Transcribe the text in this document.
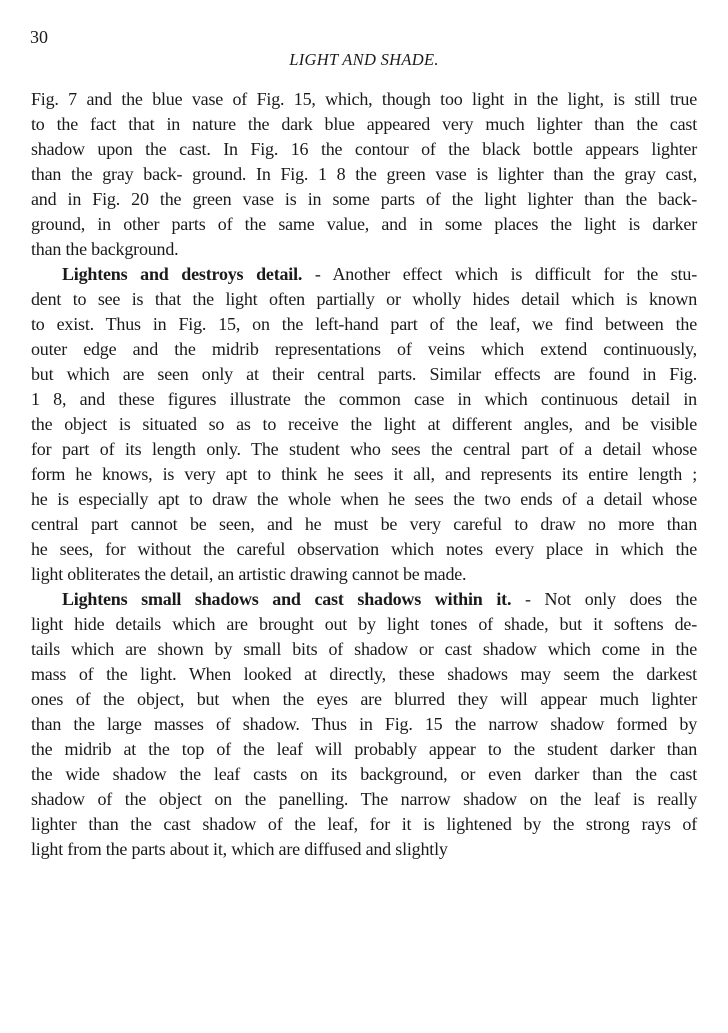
30
LIGHT AND SHADE.
Fig. 7 and the blue vase of Fig. 15, which, though too light in the light, is still true
to the fact that in nature the dark blue appeared very much lighter than the cast
shadow upon the cast. In Fig. 16 the contour of the black bottle appears lighter
than the gray back- ground. In Fig. 1 8 the green vase is lighter than the gray cast,
and in Fig. 20 the green vase is in some parts of the light lighter than the back-
ground, in other parts of the same value, and in some places the light is darker
than the background.
Lightens and destroys detail. - Another effect which is difficult for the stu-
dent to see is that the light often partially or wholly hides detail which is known
to exist. Thus in Fig. 15, on the left-hand part of the leaf, we find between the
outer edge and the midrib representations of veins which extend continuously,
but which are seen only at their central parts. Similar effects are found in Fig.
1 8, and these figures illustrate the common case in which continuous detail in
the object is situated so as to receive the light at different angles, and be visible
for part of its length only. The student who sees the central part of a detail whose
form he knows, is very apt to think he sees it all, and represents its entire length ;
he is especially apt to draw the whole when he sees the two ends of a detail whose
central part cannot be seen, and he must be very careful to draw no more than
he sees, for without the careful observation which notes every place in which the
light obliterates the detail, an artistic drawing cannot be made.
Lightens small shadows and cast shadows within it. - Not only does the
light hide details which are brought out by light tones of shade, but it softens de-
tails which are shown by small bits of shadow or cast shadow which come in the
mass of the light. When looked at directly, these shadows may seem the darkest
ones of the object, but when the eyes are blurred they will appear much lighter
than the large masses of shadow. Thus in Fig. 15 the narrow shadow formed by
the midrib at the top of the leaf will probably appear to the student darker than
the wide shadow the leaf casts on its background, or even darker than the cast
shadow of the object on the panelling. The narrow shadow on the leaf is really
lighter than the cast shadow of the leaf, for it is lightened by the strong rays of
light from the parts about it, which are diffused and slightly
